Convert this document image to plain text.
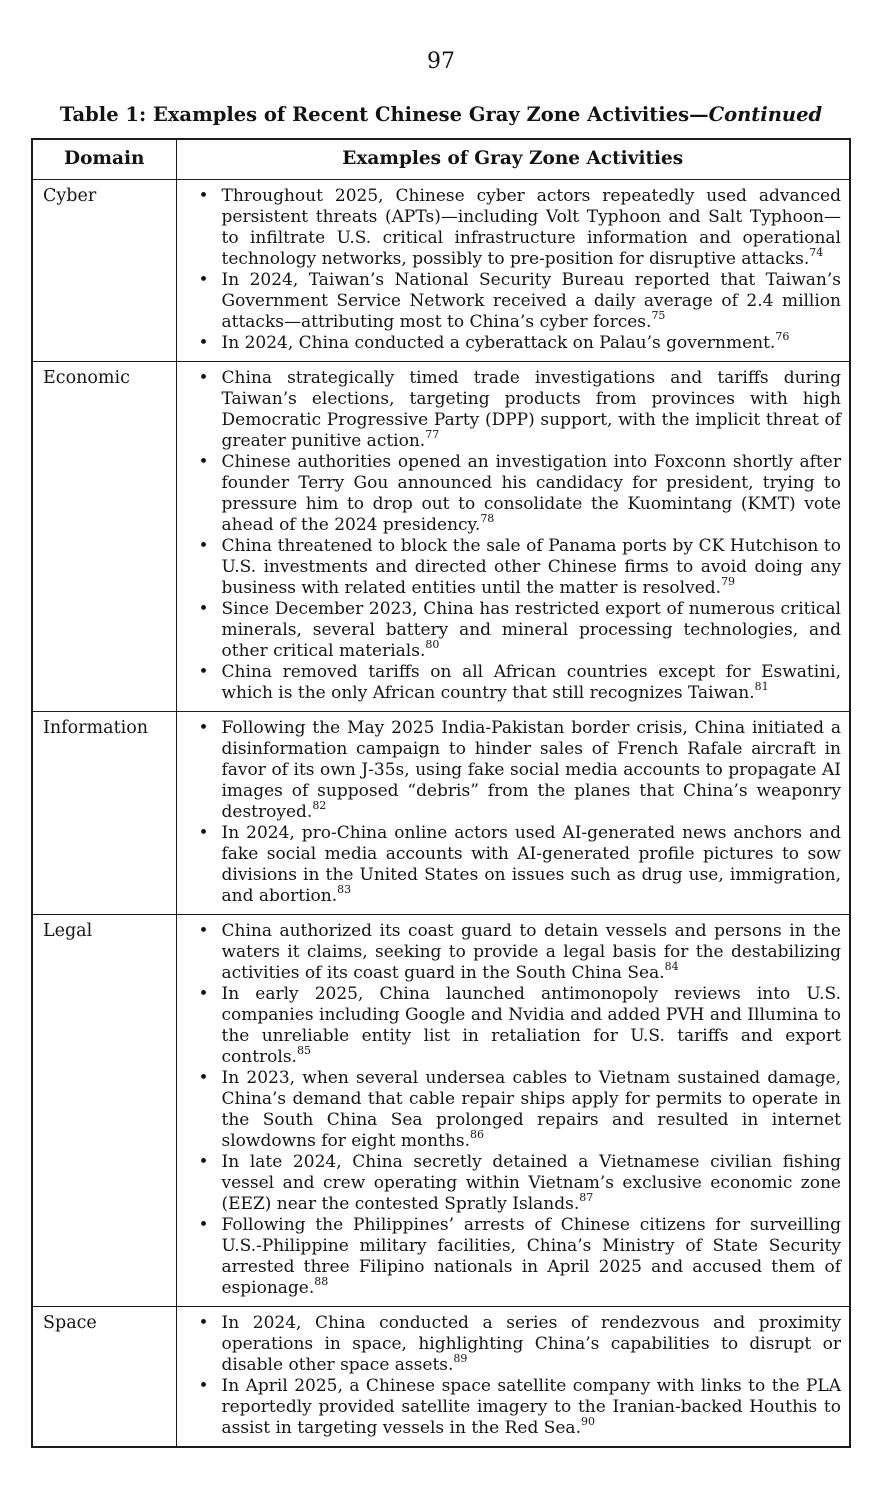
97
Table 1: Examples of Recent Chinese Gray Zone Activities—Continued
Domain	Examples of Gray Zone Activities
Cyber	
•Throughout 2025, Chinese cyber actors repeatedly used advanced persistent threats (APTs)—including Volt Typhoon and Salt Typhoon—to infiltrate U.S. critical infrastructure information and operational technology networks, possibly to pre-position for disruptive attacks.$^{74}$
• In 2024, Taiwan’s National Security Bureau reported that Taiwan’s Government Service Network received a daily average of 2.4 million attacks—attributing most to China’s cyber forces.$^{75}$
• In 2024, China conducted a cyberattack on Palau’s government.$^{76}$

Economic	
•China strategically timed trade investigations and tariffs during Taiwan’s elections, targeting products from provinces with high Democratic Progressive Party (DPP) support, with the implicit threat of greater punitive action.$^{77}$
• Chinese authorities opened an investigation into Foxconn shortly after founder Terry Gou announced his candidacy for president, trying to pressure him to drop out to consolidate the Kuomintang (KMT) vote ahead of the 2024 presidency.$^{78}$
• China threatened to block the sale of Panama ports by CK Hutchison to U.S. investments and directed other Chinese firms to avoid doing any business with related entities until the matter is resolved.$^{79}$
• Since December 2023, China has restricted export of numerous critical minerals, several battery and mineral processing technologies, and other critical materials.$^{80}$
• China removed tariffs on all African countries except for Eswatini, which is the only African country that still recognizes Taiwan.$^{81}$

Information	
•Following the May 2025 India-Pakistan border crisis, China initiated a disinformation campaign to hinder sales of French Rafale aircraft in favor of its own J-35s, using fake social media accounts to propagate AI images of supposed “debris” from the planes that China’s weaponry destroyed.$^{82}$
• In 2024, pro-China online actors used AI-generated news anchors and fake social media accounts with AI-generated profile pictures to sow divisions in the United States on issues such as drug use, immigration, and abortion.$^{83}$

Legal	
•China authorized its coast guard to detain vessels and persons in the waters it claims, seeking to provide a legal basis for the destabilizing activities of its coast guard in the South China Sea.$^{84}$
• In early 2025, China launched antimonopoly reviews into U.S. companies including Google and Nvidia and added PVH and Illumina to the unreliable entity list in retaliation for U.S. tariffs and export controls.$^{85}$
• In 2023, when several undersea cables to Vietnam sustained damage, China’s demand that cable repair ships apply for permits to operate in the South China Sea prolonged repairs and resulted in internet slowdowns for eight months.$^{86}$
• In late 2024, China secretly detained a Vietnamese civilian fishing vessel and crew operating within Vietnam’s exclusive economic zone (EEZ) near the contested Spratly Islands.$^{87}$
• Following the Philippines’ arrests of Chinese citizens for surveilling U.S.-Philippine military facilities, China’s Ministry of State Security arrested three Filipino nationals in April 2025 and accused them of espionage.$^{88}$

Space	
•In 2024, China conducted a series of rendezvous and proximity operations in space, highlighting China’s capabilities to disrupt or disable other space assets.$^{89}$
• In April 2025, a Chinese space satellite company with links to the PLA reportedly provided satellite imagery to the Iranian-backed Houthis to assist in targeting vessels in the Red Sea.$^{90}$
